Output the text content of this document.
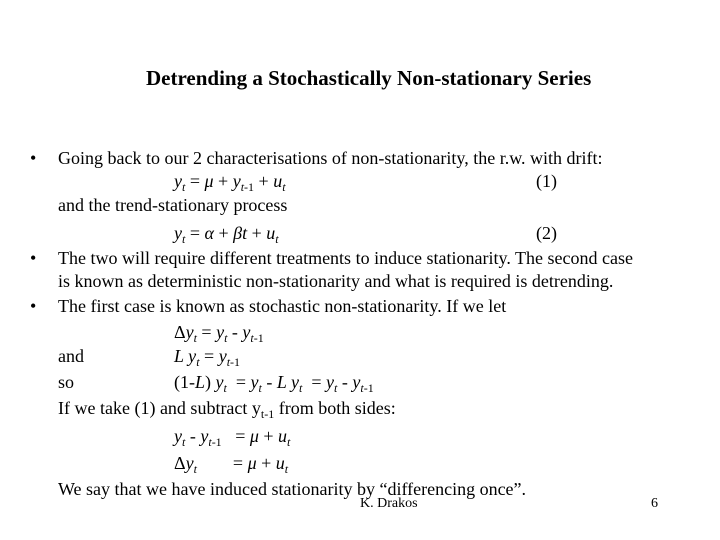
Detrending a Stochastically Non-stationary Series
• Going back to our 2 characterisations of non-stationarity, the r.w. with drift:
$y_t = \mu + y_{t-1} + u_t$	(1)
and the trend-stationary process
$y_t = \alpha + \beta t + u_t$	(2)
• The two will require different treatments to induce stationarity. The second case
is known as deterministic non-stationarity and what is required is detrending.
• The first case is known as stochastic non-stationarity. If we let
$\Delta y_t = y_t - y_{t-1}$
and	L $y_t = y_{t-1}$
so	(1-L) $y_t = y_t - L$ $y_t = y_t - y_{t-1}$
If we take (1) and subtract $y_{t-1}$ from both sides:
$y_t - y_{t-1} = \mu + u_t$
$\Delta y_t$        = $\mu + u_t$
We say that we have induced stationarity by “differencing once”.
K. Drakos	6
